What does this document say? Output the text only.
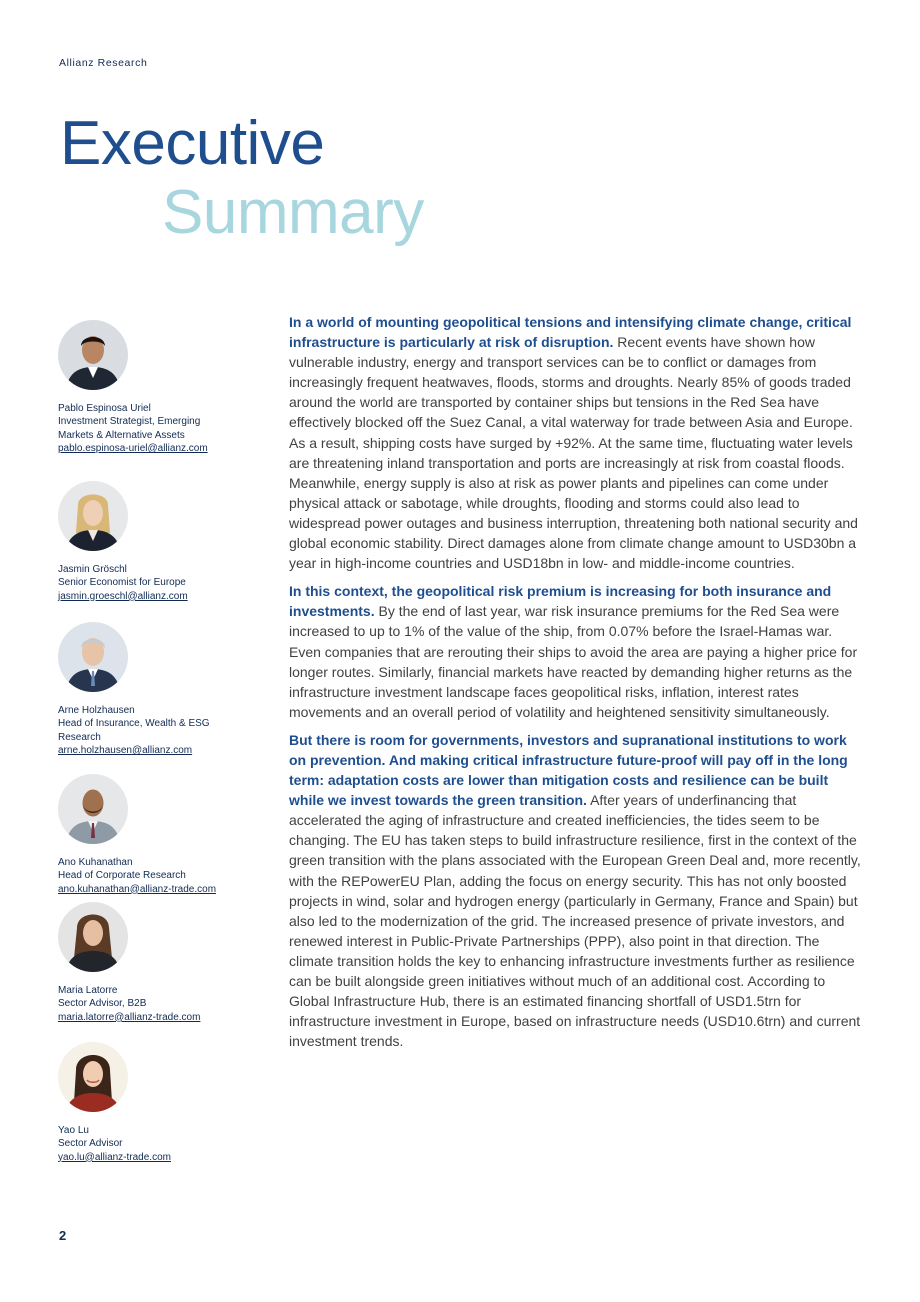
Allianz Research
Executive
Summary
Pablo Espinosa Uriel
Investment Strategist, Emerging
Markets & Alternative Assets
pablo.espinosa-uriel@allianz.com
Jasmin Gröschl
Senior Economist for Europe
jasmin.groeschl@allianz.com
Arne Holzhausen
Head of Insurance, Wealth & ESG
Research
arne.holzhausen@allianz.com
Ano Kuhanathan
Head of Corporate Research
ano.kuhanathan@allianz-trade.com
Maria Latorre
Sector Advisor, B2B
maria.latorre@allianz-trade.com
Yao Lu
Sector Advisor
yao.lu@allianz-trade.com

In a world of mounting geopolitical tensions and intensifying climate change, critical infrastructure is particularly at risk of disruption. Recent events have shown how vulnerable industry, energy and transport services can be to conflict or damages from increasingly frequent heatwaves, floods, storms and droughts. Nearly 85% of goods traded around the world are transported by container ships but tensions in the Red Sea have effectively blocked off the Suez Canal, a vital waterway for trade between Asia and Europe. As a result, shipping costs have surged by +92%. At the same time, fluctuating water levels are threatening inland transportation and ports are increasingly at risk from coastal floods. Meanwhile, energy supply is also at risk as power plants and pipelines can come under physical attack or sabotage, while droughts, flooding and storms could also lead to widespread power outages and business interruption, threatening both national security and global economic stability. Direct damages alone from climate change amount to USD30bn a year in high-income countries and USD18bn in low- and middle-income countries.

In this context, the geopolitical risk premium is increasing for both insurance and investments. By the end of last year, war risk insurance premiums for the Red Sea were increased to up to 1% of the value of the ship, from 0.07% before the Israel-Hamas war. Even companies that are rerouting their ships to avoid the area are paying a higher price for longer routes. Similarly, financial markets have reacted by demanding higher returns as the infrastructure investment landscape faces geopolitical risks, inflation, interest rates movements and an overall period of volatility and heightened sensitivity simultaneously.

But there is room for governments, investors and supranational institutions to work on prevention. And making critical infrastructure future-proof will pay off in the long term: adaptation costs are lower than mitigation costs and resilience can be built while we invest towards the green transition. After years of underfinancing that accelerated the aging of infrastructure and created inefficiencies, the tides seem to be changing. The EU has taken steps to build infrastructure resilience, first in the context of the green transition with the plans associated with the European Green Deal and, more recently, with the REPowerEU Plan, adding the focus on energy security. This has not only boosted projects in wind, solar and hydrogen energy (particularly in Germany, France and Spain) but also led to the modernization of the grid. The increased presence of private investors, and renewed interest in Public-Private Partnerships (PPP), also point in that direction. The climate transition holds the key to enhancing infrastructure investments further as resilience can be built alongside green initiatives without much of an additional cost. According to Global Infrastructure Hub, there is an estimated financing shortfall of USD1.5trn for infrastructure investment in Europe, based on infrastructure needs (USD10.6trn) and current investment trends.

2
